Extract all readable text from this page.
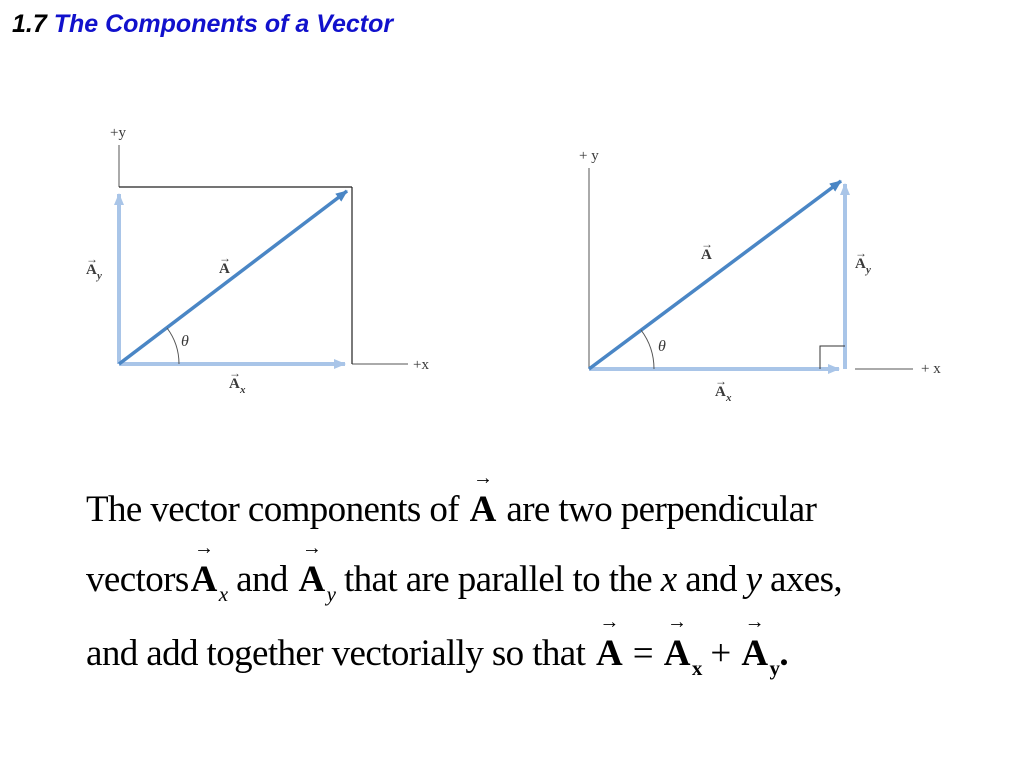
1.7 The Components of a Vector
+y
+x
θ
A
→
A y
→
A x
→
+ y
+ x
θ
A
→
A y
→
A x
→
The vector components of
→
A are two perpendicular
vectors
→
$A_x$ and
→
$A_y$ that are parallel to the x and y axes,
and add together vectorially so that
→
A =
→
$A_x$ +
→
$A_y$.
